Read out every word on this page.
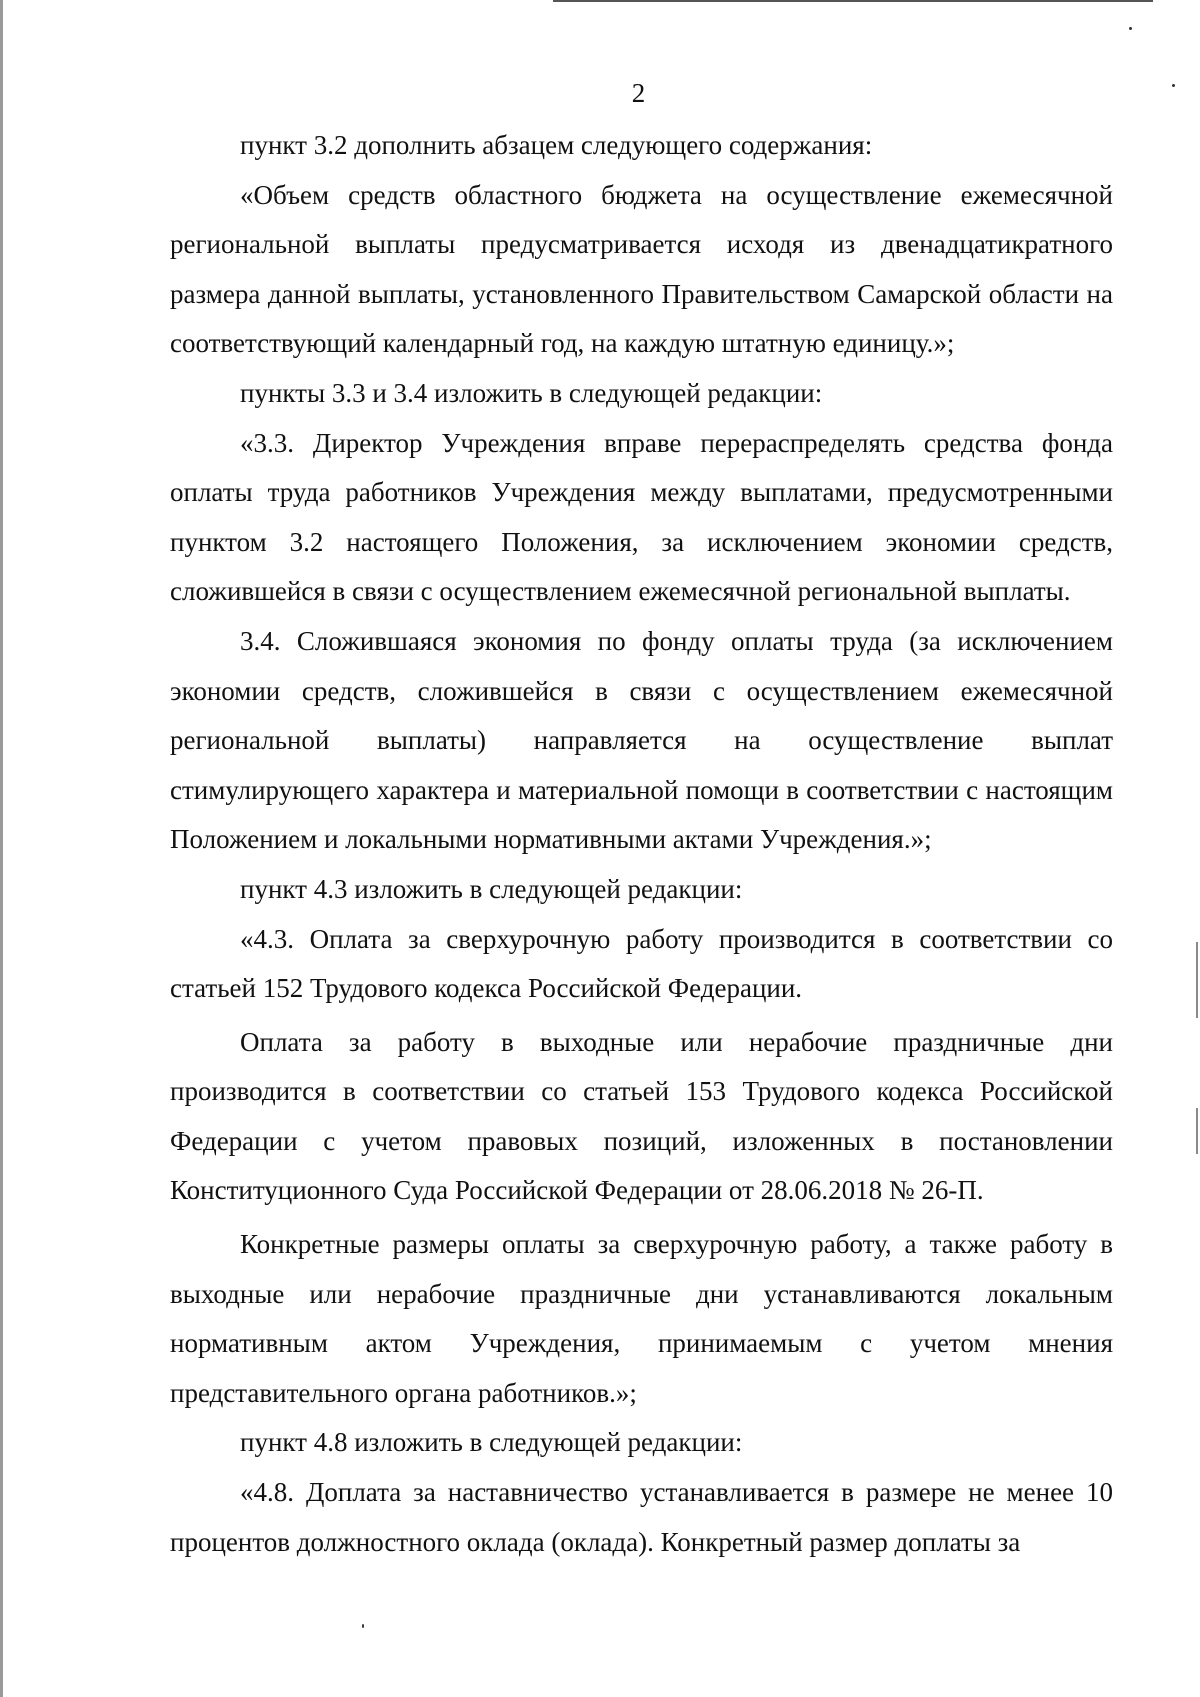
2

пункт 3.2 дополнить абзацем следующего содержания:

«Объем средств областного бюджета на осуществление ежемесячной региональной выплаты предусматривается исходя из двенадцатикратного размера данной выплаты, установленного Правительством Самарской области на соответствующий календарный год, на каждую штатную единицу.»;

пункты 3.3 и 3.4 изложить в следующей редакции:

«3.3. Директор Учреждения вправе перераспределять средства фонда оплаты труда работников Учреждения между выплатами, предусмотренными пунктом 3.2 настоящего Положения, за исключением экономии средств, сложившейся в связи с осуществлением ежемесячной региональной выплаты.

3.4. Сложившаяся экономия по фонду оплаты труда (за исключением экономии средств, сложившейся в связи с осуществлением ежемесячной региональной выплаты) направляется на осуществление выплат стимулирующего характера и материальной помощи в соответствии с настоящим Положением и локальными нормативными актами Учреждения.»;

пункт 4.3 изложить в следующей редакции:

«4.3. Оплата за сверхурочную работу производится в соответствии со статьей 152 Трудового кодекса Российской Федерации.

Оплата за работу в выходные или нерабочие праздничные дни производится в соответствии со статьей 153 Трудового кодекса Российской Федерации с учетом правовых позиций, изложенных в постановлении Конституционного Суда Российской Федерации от 28.06.2018 № 26-П.

Конкретные размеры оплаты за сверхурочную работу, а также работу в выходные или нерабочие праздничные дни устанавливаются локальным нормативным актом Учреждения, принимаемым с учетом мнения представительного органа работников.»;

пункт 4.8 изложить в следующей редакции:

«4.8. Доплата за наставничество устанавливается в размере не менее 10 процентов должностного оклада (оклада). Конкретный размер доплаты за
